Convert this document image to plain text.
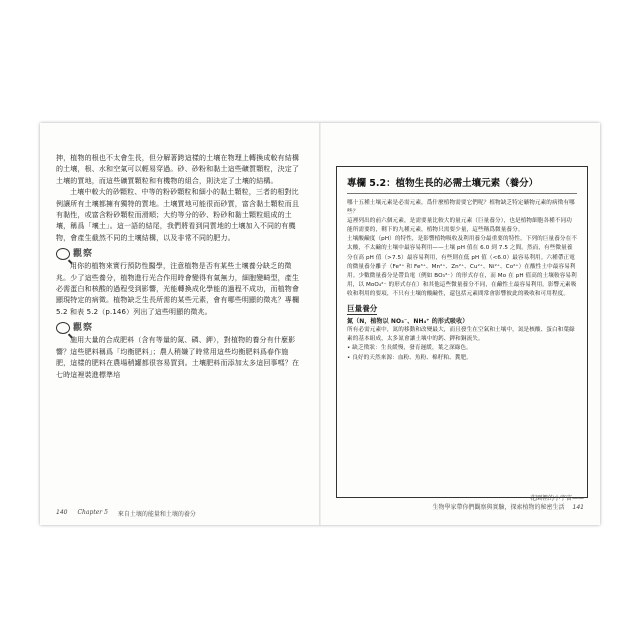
抻，植物的根也不太會生長，但分解著跨這樣的土壤在物理上轉換成較有結構的土壤，根、水和空氣可以輕易穿過。砂、砂粉和黏土這些礦質顆粒，決定了土壤的質地，而這些礦質顆粒和有機物的組合，則決定了土壤的結構。

土壤中較大的砂顆粒、中等的粉砂顆粒和細小的黏土顆粒，三者的相對比例讓所有土壤都擁有獨特的質地。土壤質地可能很而砂質，富含黏土顆粒而且有黏性，或富含粉砂顆粒而滑順；大約等分的砂、粉砂和黏土顆粒組成的土壤，稱爲「壤土」。這一語的結尾，我們將看到同質地的土壤加入不同的有機物，會產生截然不同的土壤結構，以及非常不同的肥力。

觀察

用你的植物來實行預防性醫學，注意植物是否有某些土壤養分缺乏的徵兆。少了這些養分，植物進行光合作用時會變得有氣無力，細胞變畸型，產生必需蛋白和核酸的過程受到影響，光能轉換成化學能的過程不成功，而植物會顯現特定的病徵。植物缺乏生長所需的某些元素，會有哪些明顯的徵兆？專欄 5.2 和表 5.2（p.146）列出了這些明顯的徵兆。

觀察

施用大量的合成肥料（含有等量的氮、磷、鉀），對植物的養分有什麼影響？這些肥料稱爲「均衡肥料」；農人稍嫌了時常用這些均衡肥料爲春作施肥，這樣的肥料在農場稍罐都很容易買到。土壤肥料而添加太多這回事嗎？在七時這裡裝進標準培

140 Chapter 5 來自土壤的能量和土壤的養分
專欄 5.2：植物生長的必需土壤元素（養分）

哪十五種土壤元素是必需元素，爲什麼植物需要它們呢？植物缺乏特定礦物元素的病徵有哪些？

這裡列出的前六個元素，是需要量比較大的量元素（巨量養分），也是植物細胞各種不同功能所需要的，剩下的九種元素，植物只需要少量，這些稱爲微量養分。

土壤酸鹼度（pH）的特性，是影響植物吸收及利用養分最重要的特性。下列的巨量養分在不太酸，不太鹼的土壤中最容易利用——土壤 pH 值在 6.0 到 7.5 之間。然而，有些微量養分在高 pH 值（>7.5）最容易利用，有些則在低 pH 值（<6.0）最容易利用。六種帶正電的微量養分離子（Fe²⁺ 和 Fe³⁺、Mn²⁺、Zn²⁺、Cu²⁺、Ni²⁺、Co²⁺）在酸性土中最容易利用。少數微量養分是帶負電（例如 BO₃³⁻）的形式存在，而 Mo 在 pH 值高的土壤較容易利用，以 MoO₄²⁻ 的形式存在）和其他這些微量養分不同，在鹼性土最容易利用。影響元素吸收和利用的要項，不只有土壤的酸鹼性，還包括元素間常會影響彼此的吸收和可用程度。

巨量養分
氮（N，植物以 NO₃⁻、NH₄⁺ 的形式吸收）

所有必需元素中，氮的移動和改變最大，而且發生在空氣和土壤中，氮是核酸、蛋白和葉綠素的基本組成，太多氮會讓土壤中的鈣、鉀和銅流失。

• 缺乏徵狀：生長緩慢，發育遲緩，葉之深綠色。

• 良好的天然來源：血粉、魚粉、棉籽粕、糞肥。

花園裡的小宇宙——
生物學家帶你們觀察與實驗，探索植物的秘密生活 141
